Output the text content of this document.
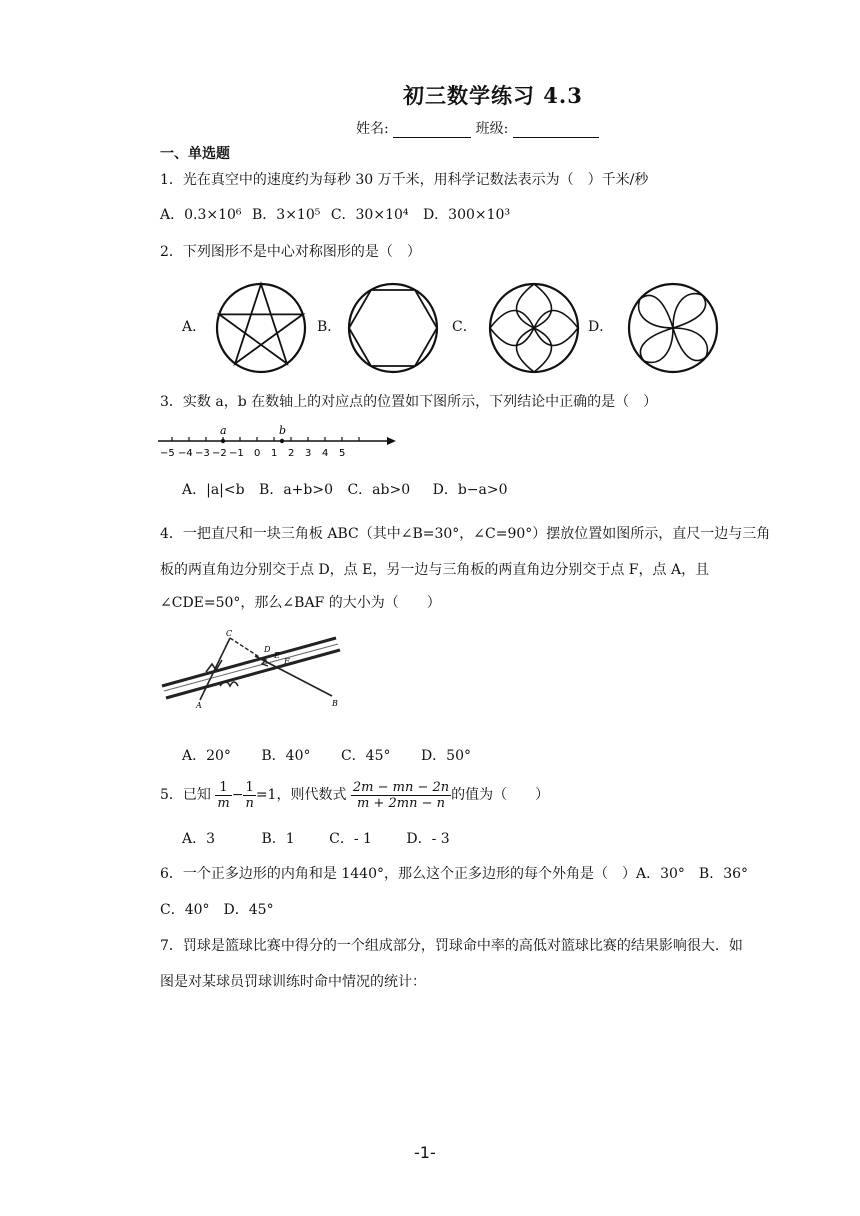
初三数学练习 4.3
姓名:	班级:
一、单选题
1．光在真空中的速度约为每秒 30 万千米，用科学记数法表示为（　）千米/秒
A．0.3×10⁶ B．3×10⁵ C．30×10⁴ D．300×10³
2．下列图形不是中心对称图形的是（　）
A．	B．	C．	D．
3．实数 a，b 在数轴上的对应点的位置如下图所示，下列结论中正确的是（　）
a	b
−5 −4 −3 −2 −1 0 1 2 3 4 5
A．|a|<b B．a+b>0 C．ab>0 D．b−a>0
4．一把直尺和一块三角板 ABC（其中∠B=30°，∠C=90°）摆放位置如图所示，直尺一边与三角
板的两直角边分别交于点 D，点 E，另一边与三角板的两直角边分别交于点 F，点 A，且
∠CDE=50°，那么∠BAF 的大小为（　　）
D
E
F
A	B
C
A．20° B．40° C．45° D．50°
5．已知 $\frac{1}{m} - \frac{1}{n} =1$，则代数式 $\frac{2m - mn - 2n}{m + 2mn - n}$ 的值为（　　）
A．3	B．1 C．- 1 D．- 3
6．一个正多边形的内角和是 1440°，那么这个正多边形的每个外角是（　）A．30°　B．36°
C．40°　D．45°
7．罚球是篮球比赛中得分的一个组成部分，罚球命中率的高低对篮球比赛的结果影响很大．如
图是对某球员罚球训练时命中情况的统计：
-1-
